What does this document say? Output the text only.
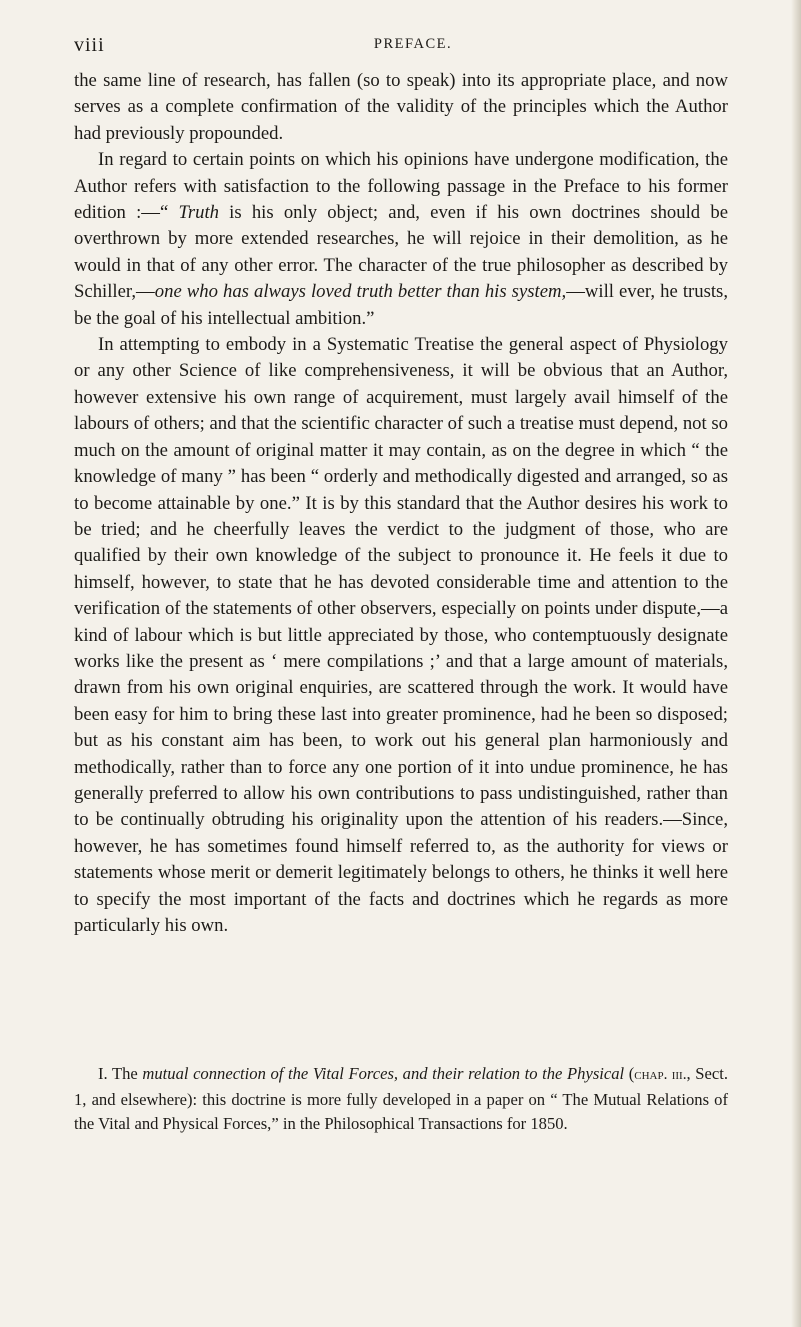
viii	PREFACE.

the same line of research, has fallen (so to speak) into its appropriate place, and now serves as a complete confirmation of the validity of the principles which the Author had previously propounded.

In regard to certain points on which his opinions have undergone modification, the Author refers with satisfaction to the following passage in the Preface to his former edition :—“ Truth is his only object; and, even if his own doctrines should be overthrown by more extended researches, he will rejoice in their demolition, as he would in that of any other error. The character of the true philosopher as described by Schiller,—one who has always loved truth better than his system,—will ever, he trusts, be the goal of his intellectual ambition.”

In attempting to embody in a Systematic Treatise the general aspect of Physiology or any other Science of like comprehensiveness, it will be obvious that an Author, however extensive his own range of acquirement, must largely avail himself of the labours of others; and that the scientific character of such a treatise must depend, not so much on the amount of original matter it may contain, as on the degree in which “ the knowledge of many ” has been “ orderly and methodically digested and arranged, so as to become attainable by one.” It is by this standard that the Author desires his work to be tried; and he cheerfully leaves the verdict to the judgment of those, who are qualified by their own knowledge of the subject to pronounce it. He feels it due to himself, however, to state that he has devoted considerable time and attention to the verification of the statements of other observers, especially on points under dispute,—a kind of labour which is but little appreciated by those, who contemptuously designate works like the present as ‘ mere compilations ;’ and that a large amount of materials, drawn from his own original enquiries, are scattered through the work. It would have been easy for him to bring these last into greater prominence, had he been so disposed; but as his constant aim has been, to work out his general plan harmoniously and methodically, rather than to force any one portion of it into undue prominence, he has generally preferred to allow his own contributions to pass undistinguished, rather than to be continually obtruding his originality upon the attention of his readers.—Since, however, he has sometimes found himself referred to, as the authority for views or statements whose merit or demerit legitimately belongs to others, he thinks it well here to specify the most important of the facts and doctrines which he regards as more particularly his own.

I. The mutual connection of the Vital Forces, and their relation to the Physical (chap. iii., Sect. 1, and elsewhere): this doctrine is more fully developed in a paper on “ The Mutual Relations of the Vital and Physical Forces,” in the Philosophical Transactions for 1850.
